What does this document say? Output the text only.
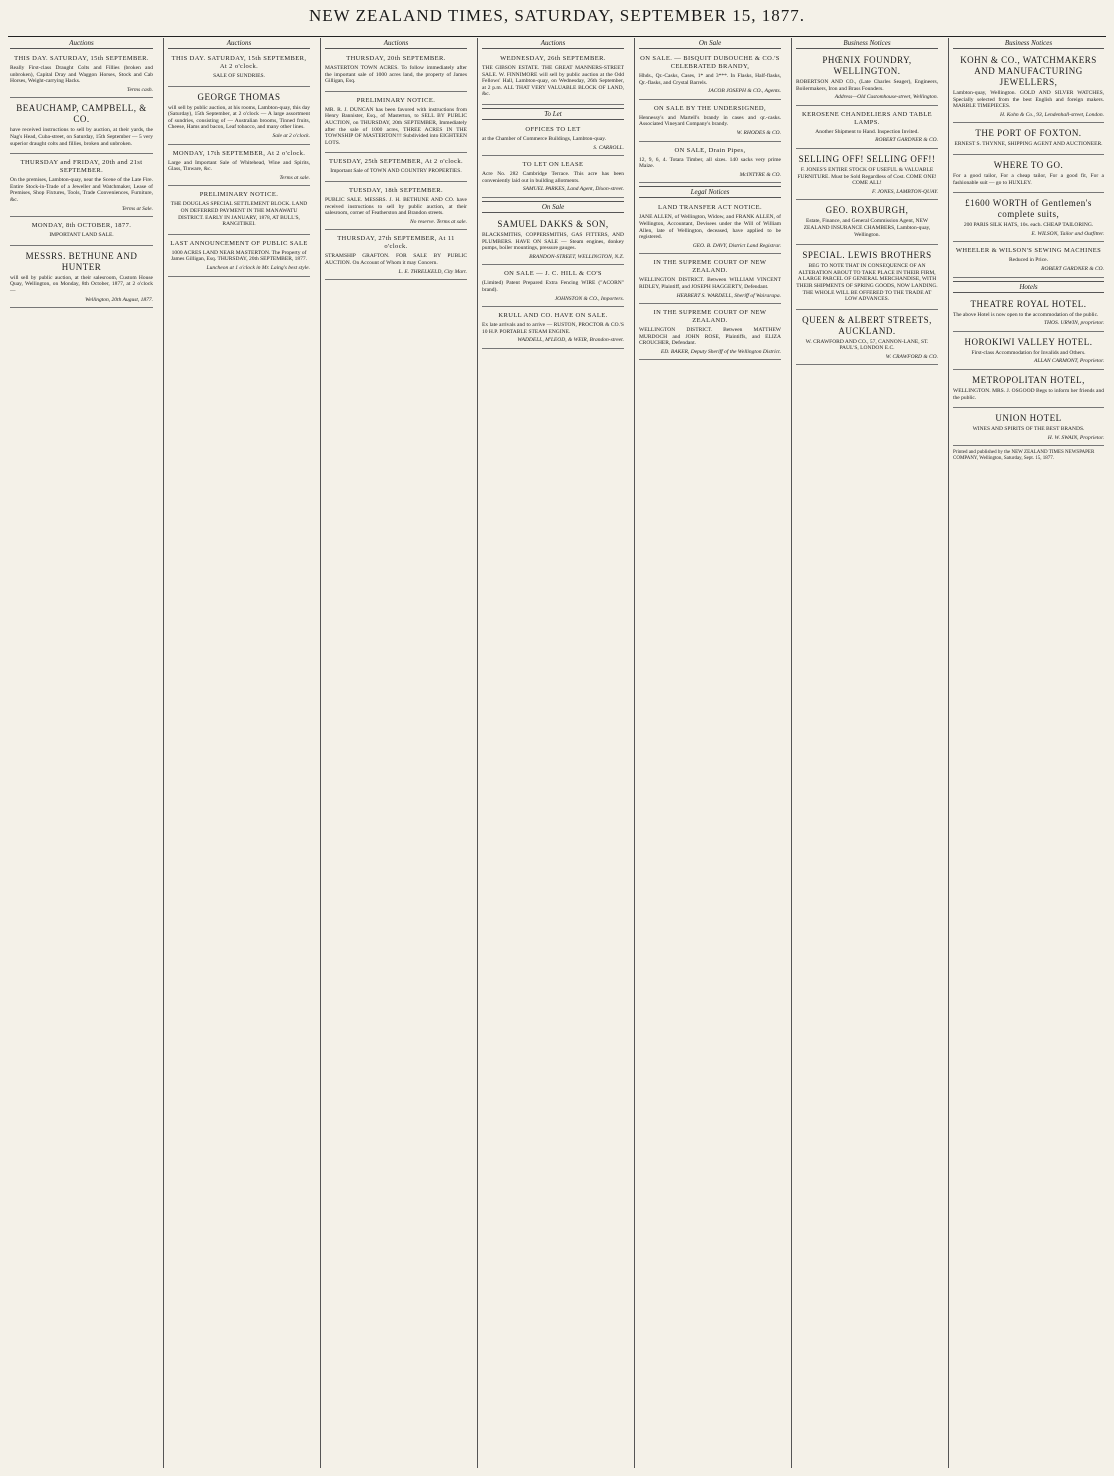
NEW ZEALAND TIMES, SATURDAY, SEPTEMBER 15, 1877.
Auctions
THIS DAY. SATURDAY, 15th SEPTEMBER.

Really First-class Draught Colts and Fillies (broken and unbroken), Capital Dray and Waggon Horses, Stock and Cab Horses, Weight-carrying Hacks.

Terms cash.
BEAUCHAMP, CAMPBELL, & CO.

have received instructions to sell by auction, at their yards, the Nag's Head, Cuba-street, on Saturday, 15th September — 5 very superior draught colts and fillies, broken and unbroken.

THURSDAY and FRIDAY, 20th and 21st SEPTEMBER.

On the premises, Lambton-quay, near the Scene of the Late Fire. Entire Stock-in-Trade of a Jeweller and Watchmaker, Lease of Premises, Shop Fixtures, Tools, Trade Conveniences, Furniture, &c.

Terms at Sale.
MONDAY, 8th OCTOBER, 1877.

IMPORTANT LAND SALE.

MESSRS. BETHUNE AND HUNTER

will sell by public auction, at their salesroom, Custom House Quay, Wellington, on Monday, 8th October, 1877, at 2 o'clock —

Wellington, 20th August, 1877.
Auctions
THIS DAY. SATURDAY, 15th SEPTEMBER, At 2 o'clock.

SALE OF SUNDRIES.

GEORGE THOMAS

will sell by public auction, at his rooms, Lambton-quay, this day (Saturday), 15th September, at 2 o'clock — A large assortment of sundries, consisting of — Australian brooms, Tinned fruits, Cheese, Hams and bacon, Leaf tobacco, and many other lines.

Sale at 2 o'clock.
MONDAY, 17th SEPTEMBER, At 2 o'clock.

Large and Important Sale of Whitehead, Wine and Spirits, Glass, Tinware, &c.

Terms at sale.
PRELIMINARY NOTICE.

THE DOUGLAS SPECIAL SETTLEMENT BLOCK. LAND ON DEFERRED PAYMENT IN THE MANAWATU DISTRICT. EARLY IN JANUARY, 1878, AT BULL'S, RANGITIKEI.

LAST ANNOUNCEMENT OF PUBLIC SALE

1000 ACRES LAND NEAR MASTERTON. The Property of James Gilligan, Esq. THURSDAY, 20th SEPTEMBER, 1877.

Luncheon at 1 o'clock in Mr. Laing's best style.
Auctions
THURSDAY, 20th SEPTEMBER.

MASTERTON TOWN ACRES. To follow immediately after the important sale of 1000 acres land, the property of James Gilligan, Esq.

PRELIMINARY NOTICE.

MR. R. J. DUNCAN has been favored with instructions from Henry Bannister, Esq., of Masterton, to SELL BY PUBLIC AUCTION, on THURSDAY, 20th SEPTEMBER, Immediately after the sale of 1000 acres, THREE ACRES IN THE TOWNSHIP OF MASTERTON!!! Subdivided into EIGHTEEN LOTS.

TUESDAY, 25th SEPTEMBER, At 2 o'clock.

Important Sale of TOWN AND COUNTRY PROPERTIES.

TUESDAY, 18th SEPTEMBER.

PUBLIC SALE. MESSRS. J. H. BETHUNE AND CO. have received instructions to sell by public auction, at their salesroom, corner of Featherston and Brandon streets.

No reserve. Terms at sale.
THURSDAY, 27th SEPTEMBER, At 11 o'clock.

STRAMSHIP GRAFTON. FOR SALE BY PUBLIC AUCTION. On Account of Whom it may Concern.

L. E. THRELKELD, City Mart.
Auctions
WEDNESDAY, 26th SEPTEMBER.

THE GIBSON ESTATE. THE GREAT MANNERS-STREET SALE. W. FINNIMORE will sell by public auction at the Odd Fellows' Hall, Lambton-quay, on Wednesday, 26th September, at 2 p.m. ALL THAT VERY VALUABLE BLOCK OF LAND, &c.

To Let
OFFICES TO LET

at the Chamber of Commerce Buildings, Lambton-quay.

S. CARROLL.
TO LET ON LEASE

Acre No. 282 Cambridge Terrace. This acre has been conveniently laid out in building allotments.

SAMUEL PARKES, Land Agent, Dixon-street.
On Sale
SAMUEL DAKKS & SON,

BLACKSMITHS, COPPERSMITHS, GAS FITTERS, AND PLUMBERS. HAVE ON SALE — Steam engines, donkey pumps, boiler mountings, pressure gauges.

BRANDON-STREET, WELLINGTON, N.Z.
ON SALE — J. C. HILL & CO'S

(Limited) Patent Prepared Extra Fencing WIRE ("ACORN" brand).

JOHNSTON & CO., Importers.
KRULL AND CO. HAVE ON SALE.

Ex late arrivals and to arrive — RUSTON, PROCTOR & CO.'S 10 H.P. PORTABLE STEAM ENGINE.

WADDELL, M'LEOD, & WEIR, Brandon-street.
On Sale
ON SALE. — BISQUIT DUBOUCHE & CO.'S CELEBRATED BRANDY,

Hhds., Qr.-Casks, Cases, 1* and 3***. In Flasks, Half-flasks, Qr.-flasks, and Crystal Barrels.

JACOB JOSEPH & CO., Agents.
ON SALE BY THE UNDERSIGNED,

Hennessy's and Martell's brandy in cases and qr.-casks. Associated Vineyard Company's brandy.

W. RHODES & CO.
ON SALE, Drain Pipes,

12, 9, 6, 4. Totara Timber, all sizes. 140 sacks very prime Maize.

McINTYRE & CO.
Legal Notices
LAND TRANSFER ACT NOTICE.

JANE ALLEN, of Wellington, Widow, and FRANK ALLEN, of Wellington, Accountant, Devisees under the Will of William Allen, late of Wellington, deceased, have applied to be registered.

GEO. B. DAVY, District Land Registrar.
IN THE SUPREME COURT OF NEW ZEALAND.

WELLINGTON DISTRICT. Between WILLIAM VINCENT RIDLEY, Plaintiff, and JOSEPH HAGGERTY, Defendant.

HERBERT S. WARDELL, Sheriff of Wairarapa.
IN THE SUPREME COURT OF NEW ZEALAND.

WELLINGTON DISTRICT. Between MATTHEW MURDOCH and JOHN ROSE, Plaintiffs, and ELIZA CROUCHER, Defendant.

ED. BAKER, Deputy Sheriff of the Wellington District.
Business Notices
PHŒNIX FOUNDRY, WELLINGTON.

ROBERTSON AND CO., (Late Charles Seager), Engineers, Boilermakers, Iron and Brass Founders.

Address—Old Customhouse-street, Wellington.
KEROSENE CHANDELIERS AND TABLE LAMPS.

Another Shipment to Hand. Inspection Invited.

ROBERT GARDNER & CO.
SELLING OFF! SELLING OFF!!

F. JONES'S ENTIRE STOCK OF USEFUL & VALUABLE FURNITURE. Must be Sold Regardless of Cost. COME ONE! COME ALL!

F. JONES, LAMBTON-QUAY.
GEO. ROXBURGH,

Estate, Finance, and General Commission Agent, NEW ZEALAND INSURANCE CHAMBERS, Lambton-quay, Wellington.

SPECIAL. LEWIS BROTHERS

BEG TO NOTE THAT IN CONSEQUENCE OF AN ALTERATION ABOUT TO TAKE PLACE IN THEIR FIRM, A LARGE PARCEL OF GENERAL MERCHANDISE, WITH THEIR SHIPMENTS OF SPRING GOODS, NOW LANDING. THE WHOLE WILL BE OFFERED TO THE TRADE AT LOW ADVANCES.

QUEEN & ALBERT STREETS, AUCKLAND.

W. CRAWFORD AND CO., 57, CANNON-LANE, ST. PAUL'S, LONDON E.C.

W. CRAWFORD & CO.
Business Notices
KOHN & CO., WATCHMAKERS AND MANUFACTURING JEWELLERS,

Lambton-quay, Wellington. GOLD AND SILVER WATCHES, Specially selected from the best English and foreign makers. MARBLE TIMEPIECES.

H. Kohn & Co., 93, Lendenhall-street, London.
THE PORT OF FOXTON.

ERNEST S. THYNNE, SHIPPING AGENT AND AUCTIONEER.

WHERE TO GO.

For a good tailor, For a cheap tailor, For a good fit, For a fashionable suit — go to HUXLEY.

£1600 WORTH of Gentlemen's complete suits,

200 PARIS SILK HATS, 10s. each. CHEAP TAILORING.

E. WILSON, Tailor and Outfitter.
WHEELER & WILSON'S SEWING MACHINES

Reduced in Price.

ROBERT GARDNER & CO.
Hotels
THEATRE ROYAL HOTEL.

The above Hotel is now open to the accommodation of the public.

THOS. URWIN, proprietor.
HOROKIWI VALLEY HOTEL.

First-class Accommodation for Invalids and Others.

ALLAN CARMONT, Proprietor.
METROPOLITAN HOTEL,

WELLINGTON. MRS. J. OSGOOD Begs to inform her friends and the public.

UNION HOTEL

WINES AND SPIRITS OF THE BEST BRANDS.

H. W. SWAIN, Proprietor.

Printed and published by the NEW ZEALAND TIMES NEWSPAPER COMPANY, Wellington, Saturday, Sept. 15, 1877.
